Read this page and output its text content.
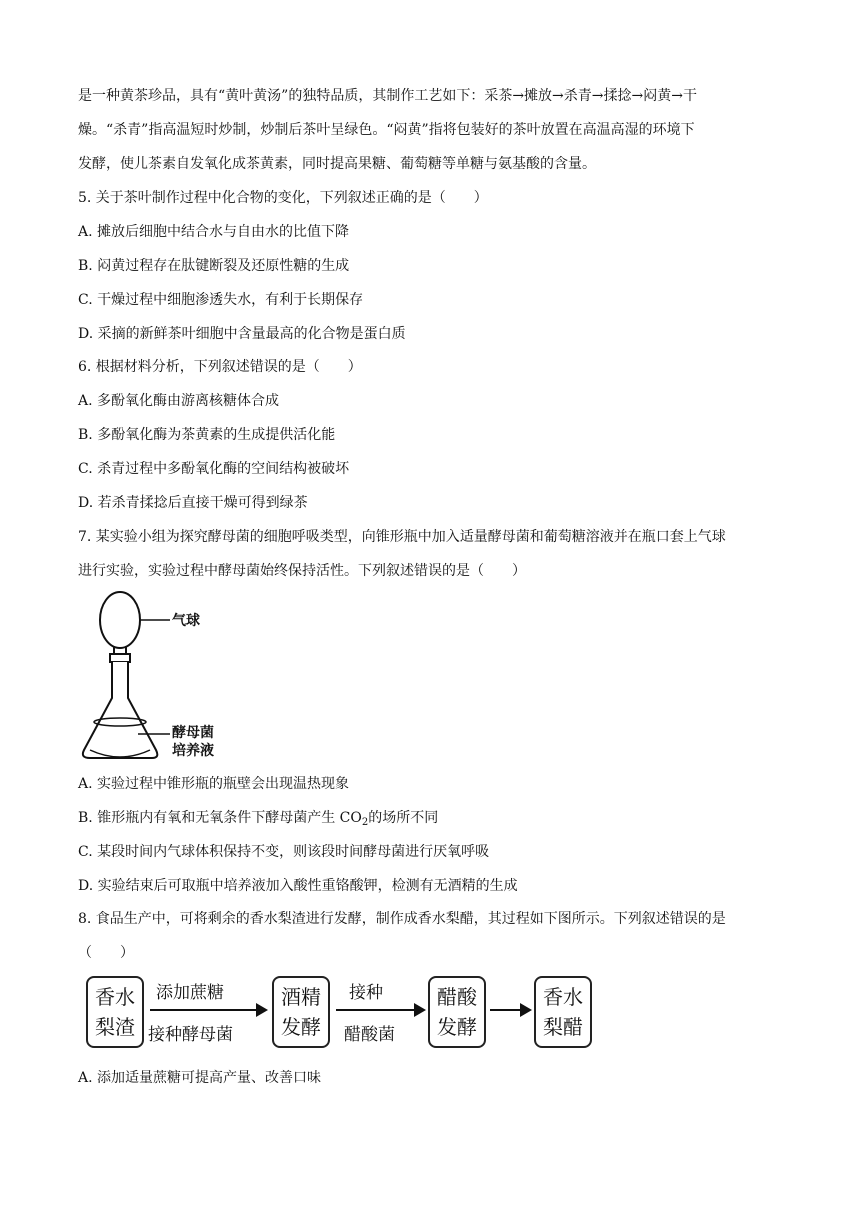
是一种黄茶珍品，具有“黄叶黄汤”的独特品质，其制作工艺如下：采茶→摊放→杀青→揉捻→闷黄→干
燥。“杀青”指高温短时炒制，炒制后茶叶呈绿色。“闷黄”指将包装好的茶叶放置在高温高湿的环境下
发酵，使儿茶素自发氧化成茶黄素，同时提高果糖、葡萄糖等单糖与氨基酸的含量。
5. 关于茶叶制作过程中化合物的变化，下列叙述正确的是（　　）
A. 摊放后细胞中结合水与自由水的比值下降
B. 闷黄过程存在肽键断裂及还原性糖的生成
C. 干燥过程中细胞渗透失水，有利于长期保存
D. 采摘的新鲜茶叶细胞中含量最高的化合物是蛋白质
6. 根据材料分析，下列叙述错误的是（　　）
A. 多酚氧化酶由游离核糖体合成
B. 多酚氧化酶为茶黄素的生成提供活化能
C. 杀青过程中多酚氧化酶的空间结构被破坏
D. 若杀青揉捻后直接干燥可得到绿茶
7. 某实验小组为探究酵母菌的细胞呼吸类型，向锥形瓶中加入适量酵母菌和葡萄糖溶液并在瓶口套上气球
进行实验，实验过程中酵母菌始终保持活性。下列叙述错误的是（　　）
气球
酵母菌
培养液
A. 实验过程中锥形瓶的瓶壁会出现温热现象
B. 锥形瓶内有氧和无氧条件下酵母菌产生 $CO_2$的场所不同
C. 某段时间内气球体积保持不变，则该段时间酵母菌进行厌氧呼吸
D. 实验结束后可取瓶中培养液加入酸性重铬酸钾，检测有无酒精的生成
8. 食品生产中，可将剩余的香水梨渣进行发酵，制作成香水梨醋，其过程如下图所示。下列叙述错误的是
（　　）
香水
梨渣
添加蔗糖
接种酵母菌
酒精
发酵
接种
醋酸菌
醋酸
发酵
香水
梨醋
A. 添加适量蔗糖可提高产量、改善口味
